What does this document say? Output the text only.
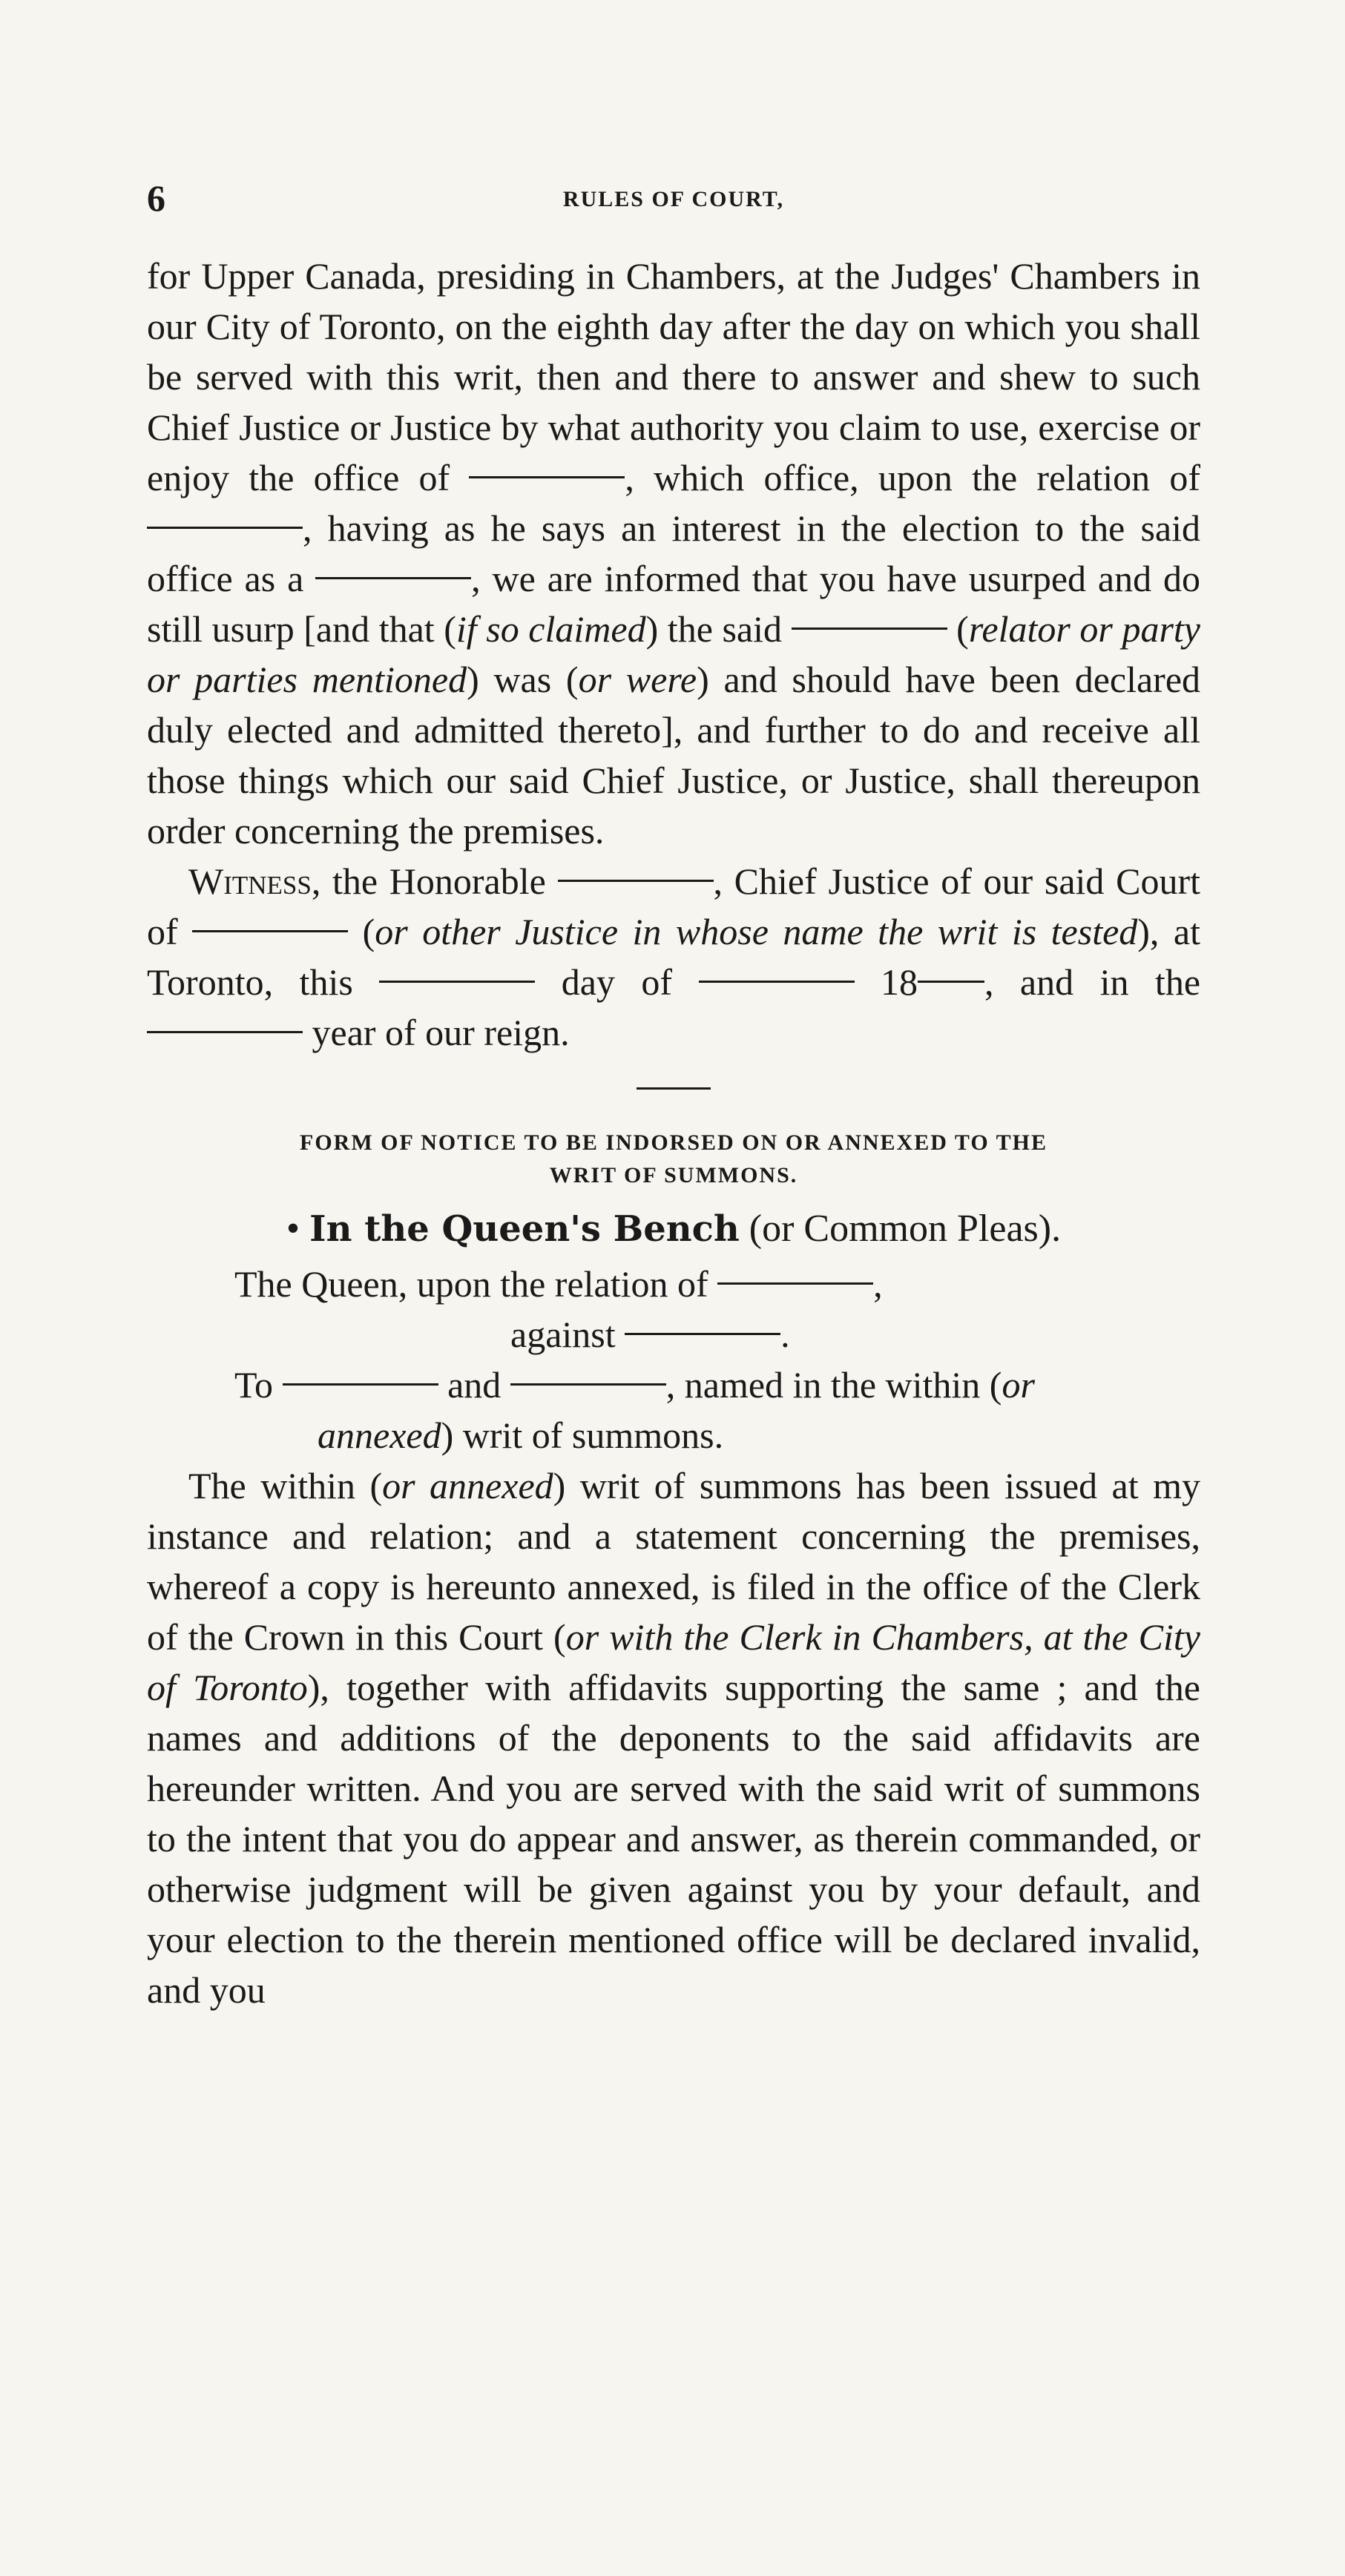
6	RULES OF COURT,

for Upper Canada, presiding in Chambers, at the Judges' Chambers in our City of Toronto, on the eighth day after the day on which you shall be served with this writ, then and there to answer and shew to such Chief Justice or Justice by what authority you claim to use, exercise or enjoy the office of	, which office, upon the relation of , having as he says an interest in the election to the said office as a	, we are informed that you have usurped and do still usurp [and that (if so claimed) the said	(relator or party or parties mentioned) was (or were) and should have been declared duly elected and admitted thereto], and further to do and receive all those things which our said Chief Justice, or Justice, shall thereupon order concerning the premises.

Witness, the Honorable	, Chief Justice of our said Court of	(or other Justice in whose name the writ is tested), at Toronto, this	day of	18 , and in the  year of our reign.

FORM OF NOTICE TO BE INDORSED ON OR ANNEXED TO THE
WRIT OF SUMMONS.

• In the Queen's Bench (or Common Pleas).

The Queen, upon the relation of	,

against	.

To	and	, named in the within (or

annexed) writ of summons.

The within (or annexed) writ of summons has been issued at my instance and relation; and a statement concerning the premises, whereof a copy is hereunto annexed, is filed in the office of the Clerk of the Crown in this Court (or with the Clerk in Chambers, at the City of Toronto), together with affidavits supporting the same ; and the names and additions of the deponents to the said affidavits are hereunder written. And you are served with the said writ of summons to the intent that you do appear and answer, as therein commanded, or otherwise judgment will be given against you by your default, and your election to the therein mentioned office will be declared invalid, and you
